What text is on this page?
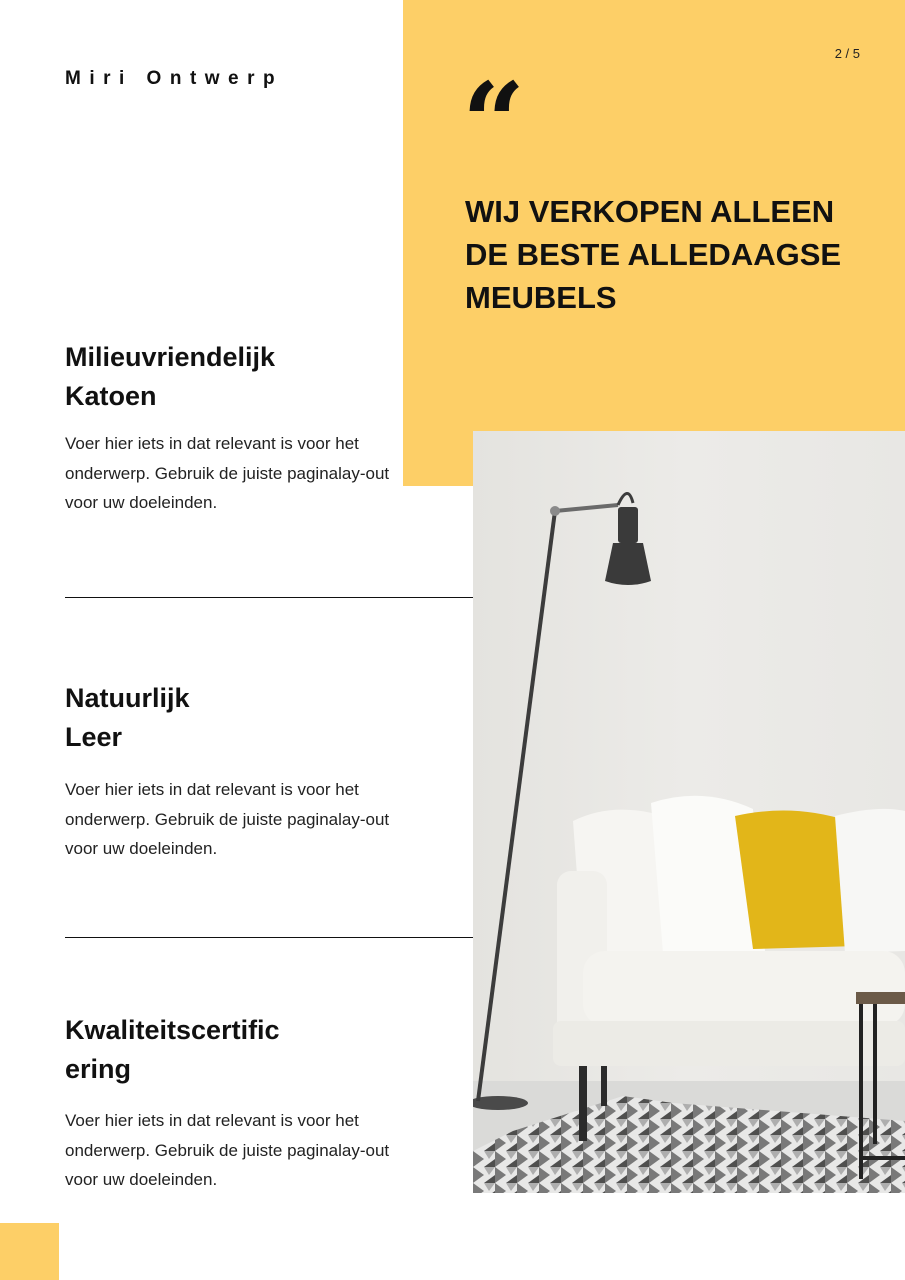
Miri Ontwerp
2 / 5
“
WIJ VERKOPEN ALLEEN DE BESTE ALLEDAAGSE MEUBELS
Milieuvriendelijk
Katoen
Voer hier iets in dat relevant is voor het onderwerp. Gebruik de juiste paginalay-out voor uw doeleinden.
Natuurlijk
Leer
Voer hier iets in dat relevant is voor het onderwerp. Gebruik de juiste paginalay-out voor uw doeleinden.
Kwaliteitscertific
ering
Voer hier iets in dat relevant is voor het onderwerp. Gebruik de juiste paginalay-out voor uw doeleinden.
